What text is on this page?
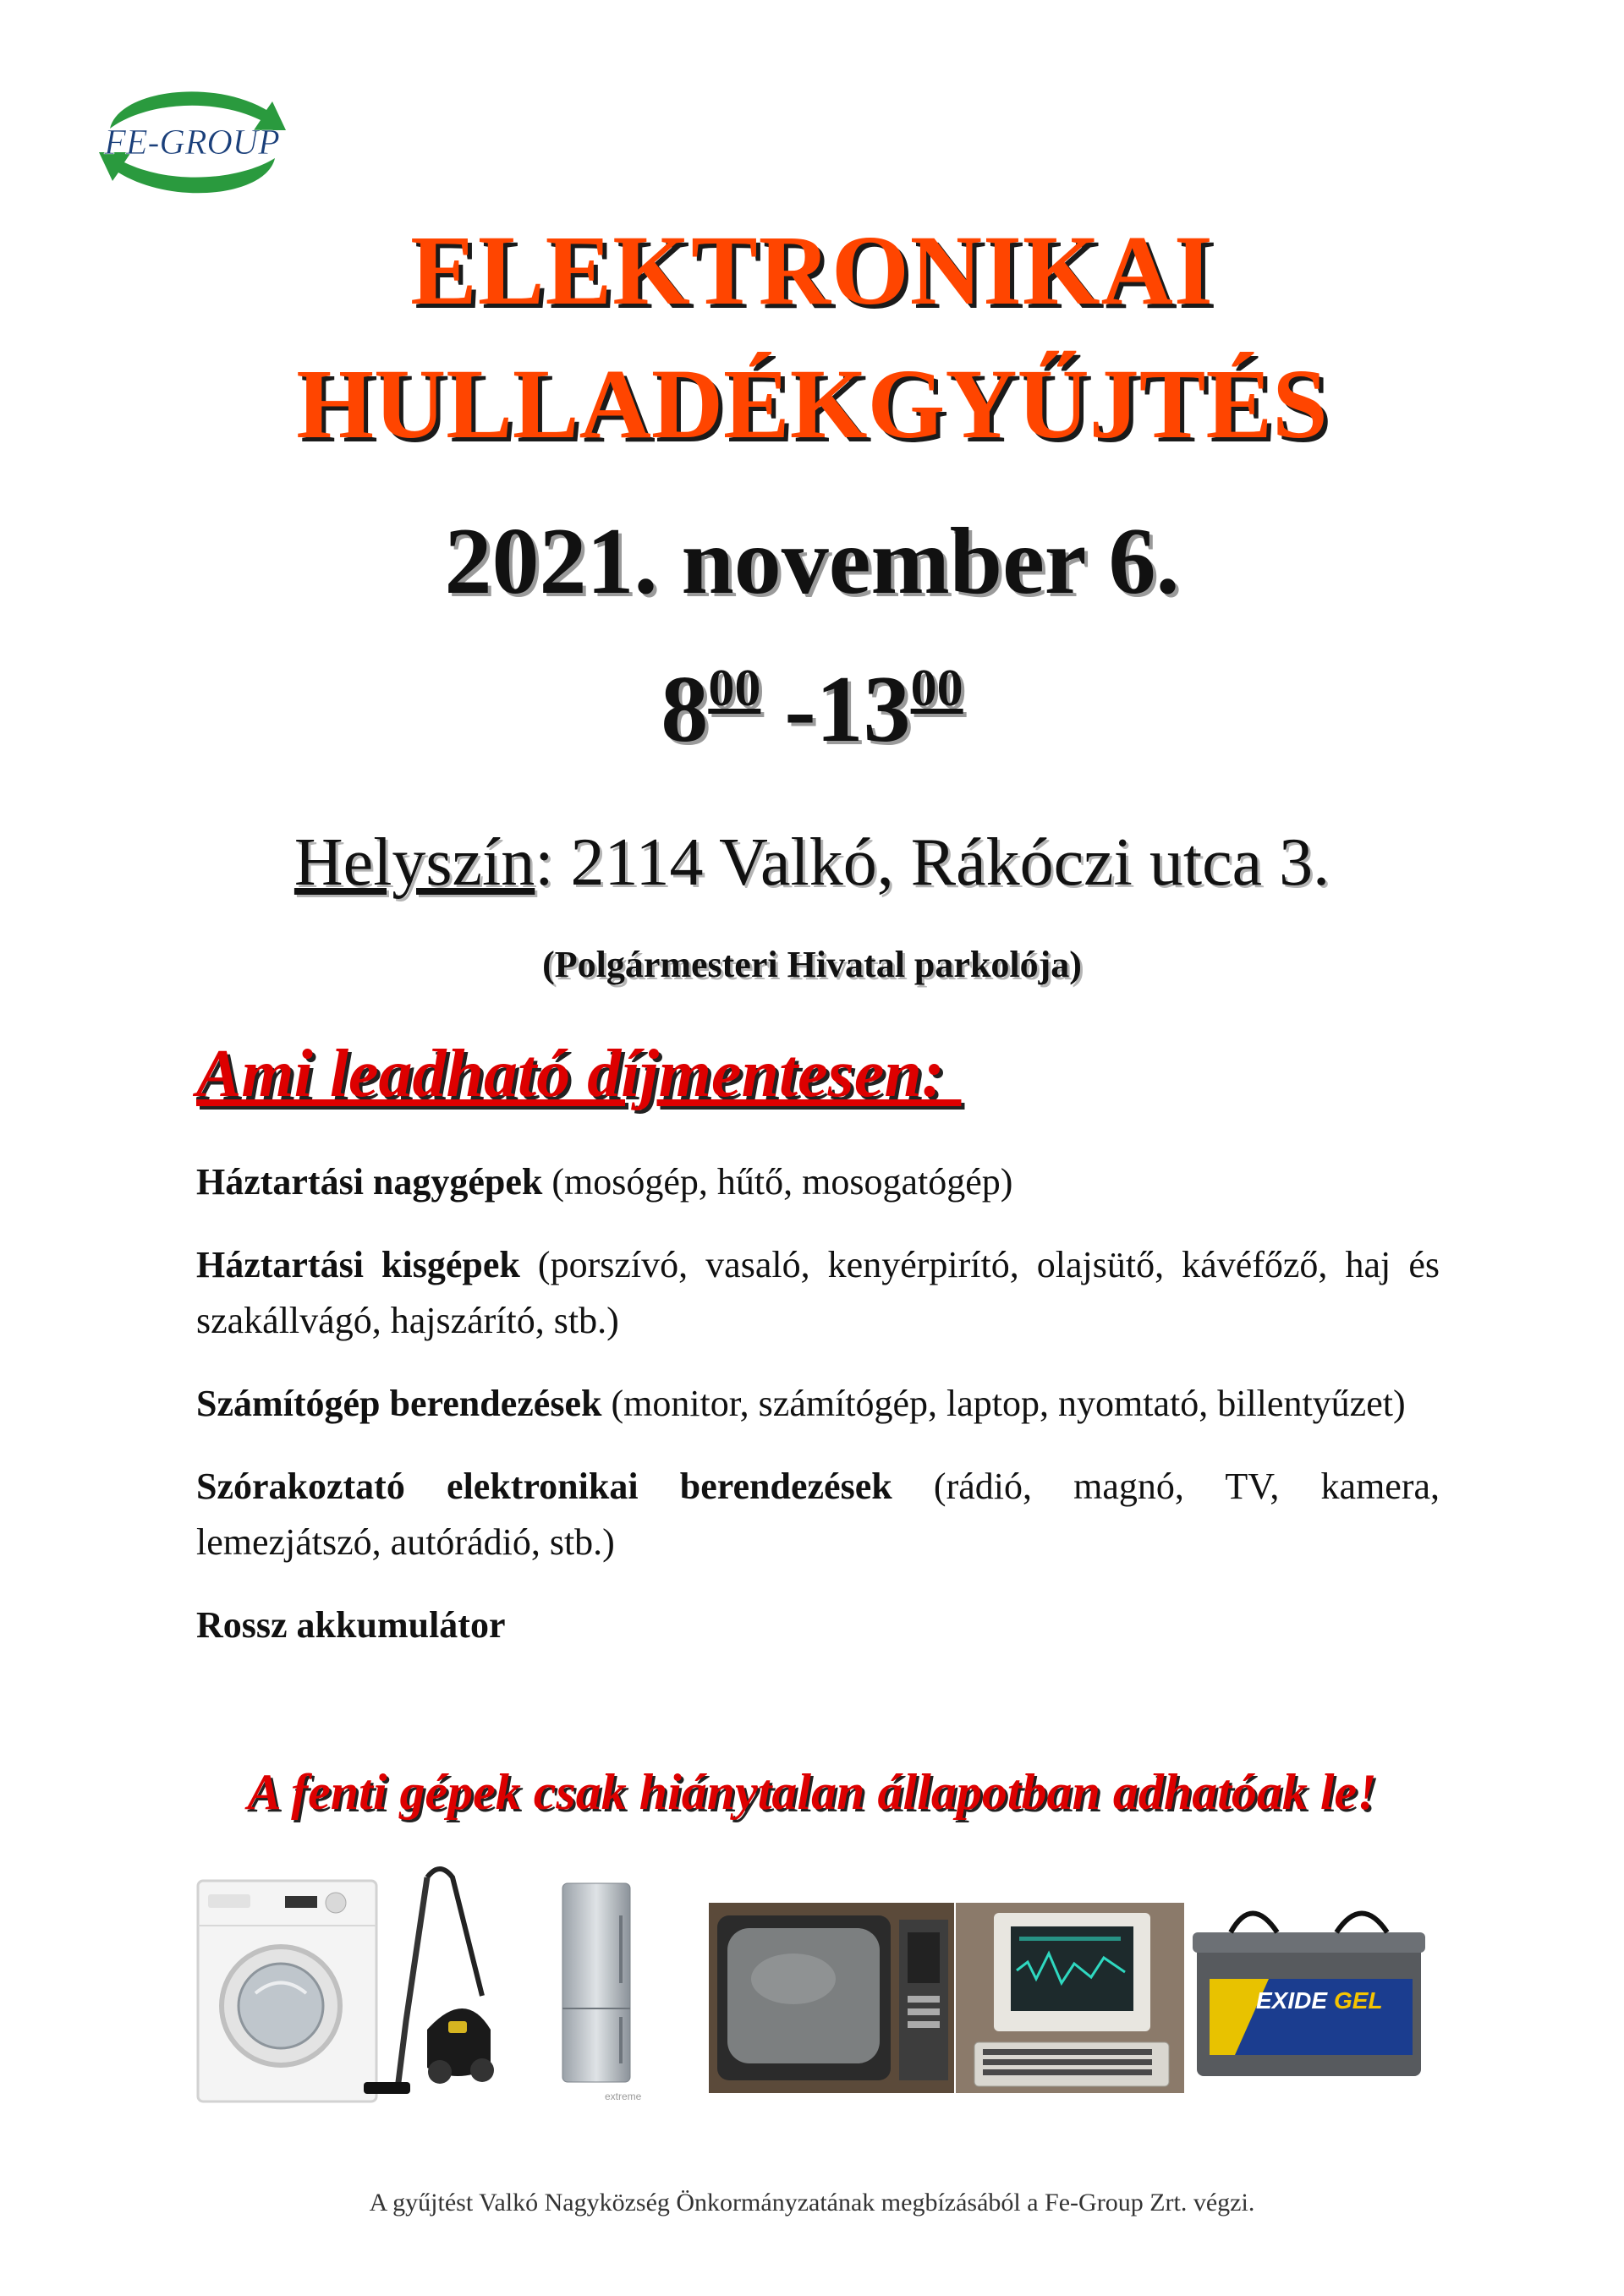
FE-GROUP
ELEKTRONIKAI
HULLADÉKGYŰJTÉS
2021. november 6.
$8^{00}$ $-13^{00}$
Helyszín: 2114 Valkó, Rákóczi utca 3.
(Polgármesteri Hivatal parkolója)
Ami leadható díjmentesen:

Háztartási nagygépek (mosógép, hűtő, mosogatógép)

Háztartási kisgépek (porszívó, vasaló, kenyérpirító, olajsütő, kávéfőző, haj és szakállvágó, hajszárító, stb.)

Számítógép berendezések (monitor, számítógép, laptop, nyomtató, billentyűzet)

Szórakoztató elektronikai berendezések (rádió, magnó, TV, kamera, lemezjátszó, autórádió, stb.)

Rossz akkumulátor

A fenti gépek csak hiánytalan állapotban adhatóak le!
extreme
EXIDE GEL
A gyűjtést Valkó Nagyközség Önkormányzatának megbízásából a Fe-Group Zrt. végzi.
